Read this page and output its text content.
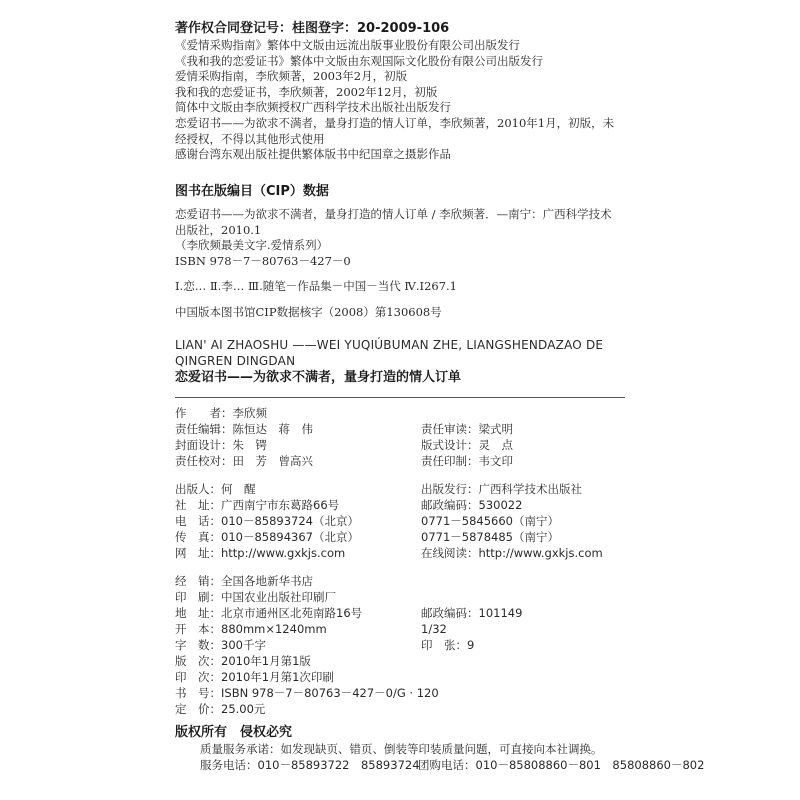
著作权合同登记号：桂图登字：20-2009-106
《爱情采购指南》繁体中文版由远流出版事业股份有限公司出版发行
《我和我的恋爱证书》繁体中文版由东观国际文化股份有限公司出版发行
爱情采购指南，李欣频著，2003年2月，初版
我和我的恋爱证书，李欣频著，2002年12月，初版
简体中文版由李欣频授权广西科学技术出版社出版发行
恋爱诏书——为欲求不满者，量身打造的情人订单，李欣频著，2010年1月，初版，未
经授权，不得以其他形式使用
感谢台湾东观出版社提供繁体版书中纪国章之摄影作品
图书在版编目（CIP）数据
恋爱诏书——为欲求不满者，量身打造的情人订单 / 李欣频著．—南宁：广西科学技术
出版社，2010.1
（李欣频最美文字.爱情系列）
ISBN 978－7－80763－427－0
Ⅰ.恋… Ⅱ.李… Ⅲ.随笔－作品集－中国－当代 Ⅳ.I267.1
中国版本图书馆CIP数据核字（2008）第130608号
LIAN' AI ZHAOSHU ——WEI YUQIÚBUMAN ZHE, LIANGSHENDAZAO DE
QINGREN DINGDAN
恋爱诏书——为欲求不满者，量身打造的情人订单
作　　者：李欣频
责任编辑：陈恒达　蒋　伟	责任审读：梁式明
封面设计：朱　锷	版式设计：灵　点
责任校对：田　芳　曾高兴	责任印制：韦文印
出版人：何　醒	出版发行：广西科学技术出版社
社　址：广西南宁市东葛路66号	邮政编码：530022
电　话：010－85893724（北京）	0771－5845660（南宁）
传　真：010－85894367（北京）	0771－5878485（南宁）
网　址：http://www.gxkjs.com	在线阅读：http://www.gxkjs.com
经　销：全国各地新华书店
印　刷：中国农业出版社印刷厂
地　址：北京市通州区北苑南路16号	邮政编码：101149
开　本：880mm×1240mm	1/32
字　数：300千字	印　张：9
版　次：2010年1月第1版
印　次：2010年1月第1次印刷
书　号：ISBN 978－7－80763－427－0/G · 120
定　价：25.00元
版权所有　侵权必究
质量服务承诺：如发现缺页、错页、倒装等印装质量问题，可直接向本社调换。
服务电话：010－85893722　85893724
团购电话：010－85808860－801　85808860－802
